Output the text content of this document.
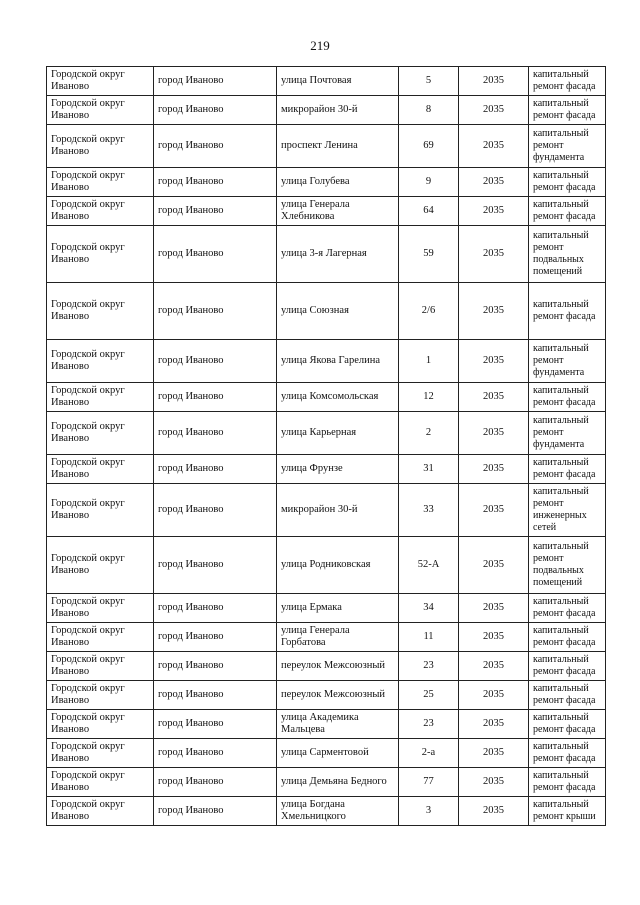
219
Городской округ Иваново	город Иваново	улица Почтовая	5	2035	капитальный ремонт фасада
Городской округ Иваново	город Иваново	микрорайон 30-й	8	2035	капитальный ремонт фасада
Городской округ Иваново	город Иваново	проспект Ленина	69	2035	капитальный ремонт фундамента
Городской округ Иваново	город Иваново	улица Голубева	9	2035	капитальный ремонт фасада
Городской округ Иваново	город Иваново	улица Генерала Хлебникова	64	2035	капитальный ремонт фасада
Городской округ Иваново	город Иваново	улица 3-я Лагерная	59	2035	капитальный ремонт подвальных помещений
Городской округ Иваново	город Иваново	улица Союзная	2/6	2035	капитальный ремонт фасада
Городской округ Иваново	город Иваново	улица Якова Гарелина	1	2035	капитальный ремонт фундамента
Городской округ Иваново	город Иваново	улица Комсомольская	12	2035	капитальный ремонт фасада
Городской округ Иваново	город Иваново	улица Карьерная	2	2035	капитальный ремонт фундамента
Городской округ Иваново	город Иваново	улица Фрунзе	31	2035	капитальный ремонт фасада
Городской округ Иваново	город Иваново	микрорайон 30-й	33	2035	капитальный ремонт инженерных сетей
Городской округ Иваново	город Иваново	улица Родниковская	52-А	2035	капитальный ремонт подвальных помещений
Городской округ Иваново	город Иваново	улица Ермака	34	2035	капитальный ремонт фасада
Городской округ Иваново	город Иваново	улица Генерала Горбатова	11	2035	капитальный ремонт фасада
Городской округ Иваново	город Иваново	переулок Межсоюзный	23	2035	капитальный ремонт фасада
Городской округ Иваново	город Иваново	переулок Межсоюзный	25	2035	капитальный ремонт фасада
Городской округ Иваново	город Иваново	улица Академика Мальцева	23	2035	капитальный ремонт фасада
Городской округ Иваново	город Иваново	улица Сарментовой	2-а	2035	капитальный ремонт фасада
Городской округ Иваново	город Иваново	улица Демьяна Бедного	77	2035	капитальный ремонт фасада
Городской округ Иваново	город Иваново	улица Богдана Хмельницкого	3	2035	капитальный ремонт крыши
